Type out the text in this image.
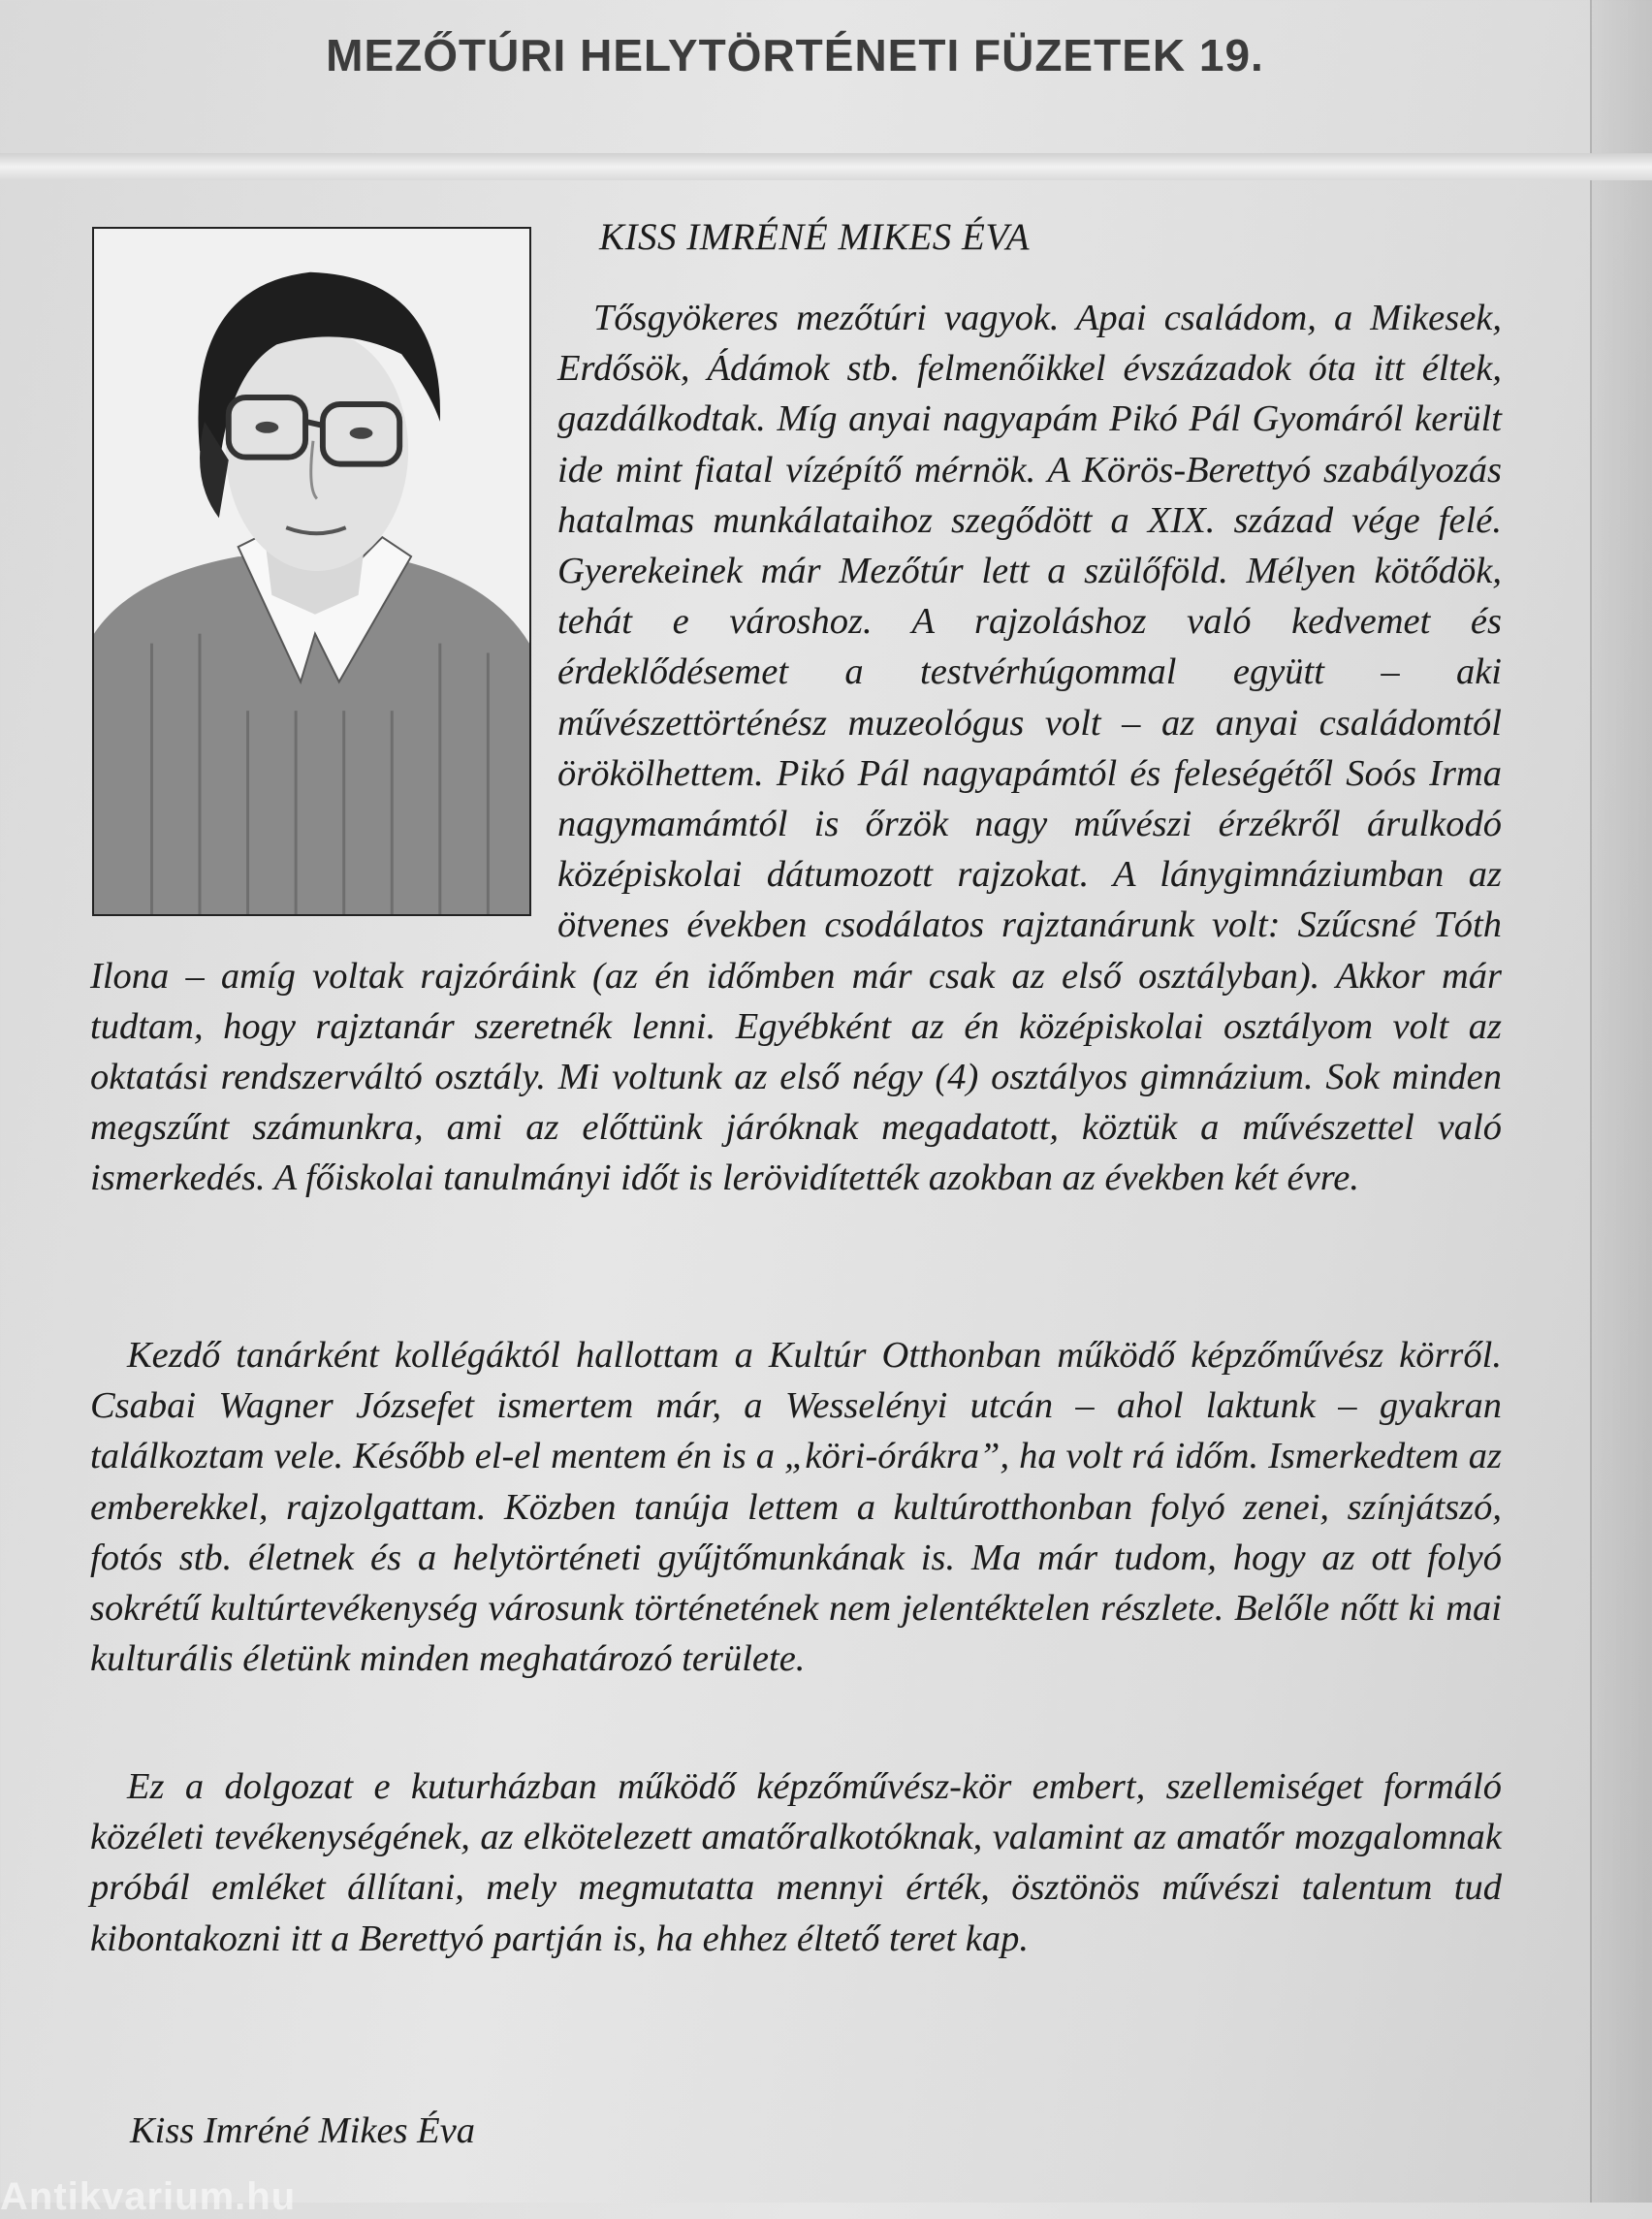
MEZŐTÚRI HELYTÖRTÉNETI FÜZETEK 19.

KISS IMRÉNÉ MIKES ÉVA

Tősgyökeres mezőtúri vagyok. Apai családom, a Mikesek, Erdősök, Ádámok stb. felmenőikkel évszázadok óta itt éltek, gazdálkodtak. Míg anyai nagyapám Pikó Pál Gyomáról került ide mint fiatal vízépítő mérnök. A Körös-Berettyó szabályozás hatalmas munkálataihoz szegődött a XIX. század vége felé. Gyerekeinek már Mezőtúr lett a szülőföld. Mélyen kötődök, tehát e városhoz. A rajzoláshoz való kedvemet és érdeklődésemet a testvérhúgommal együtt – aki művészettörténész muzeológus volt – az anyai családomtól örökölhettem. Pikó Pál nagyapámtól és feleségétől Soós Irma nagymamámtól is őrzök nagy művészi érzékről árulkodó középiskolai dátumozott rajzokat. A lánygimnáziumban az ötvenes években csodálatos rajztanárunk volt: Szűcsné Tóth Ilona – amíg voltak rajzóráink (az én időmben már csak az első osztályban). Akkor már tudtam, hogy rajztanár szeretnék lenni. Egyébként az én középiskolai osztályom volt az oktatási rendszerváltó osztály. Mi voltunk az első négy (4) osztályos gimnázium. Sok minden megszűnt számunkra, ami az előttünk járóknak megadatott, köztük a művészettel való ismerkedés. A főiskolai tanulmányi időt is lerövidítették azokban az években két évre.

Kezdő tanárként kollégáktól hallottam a Kultúr Otthonban működő képzőművész körről. Csabai Wagner Józsefet ismertem már, a Wesselényi utcán – ahol laktunk – gyakran találkoztam vele. Később el-el mentem én is a „köri-órákra”, ha volt rá időm. Ismerkedtem az emberekkel, rajzolgattam. Közben tanúja lettem a kultúrotthonban folyó zenei, színjátszó, fotós stb. életnek és a helytörténeti gyűjtőmunkának is. Ma már tudom, hogy az ott folyó sokrétű kultúrtevékenység városunk történetének nem jelentéktelen részlete. Belőle nőtt ki mai kulturális életünk minden meghatározó területe.

Ez a dolgozat e kuturházban működő képzőművész-kör embert, szellemiséget formáló közéleti tevékenységének, az elkötelezett amatőralkotóknak, valamint az amatőr mozgalomnak próbál emléket állítani, mely megmutatta mennyi érték, ösztönös művészi talentum tud kibontakozni itt a Berettyó partján is, ha ehhez éltető teret kap.

Kiss Imréné Mikes Éva

Antikvarium.hu
